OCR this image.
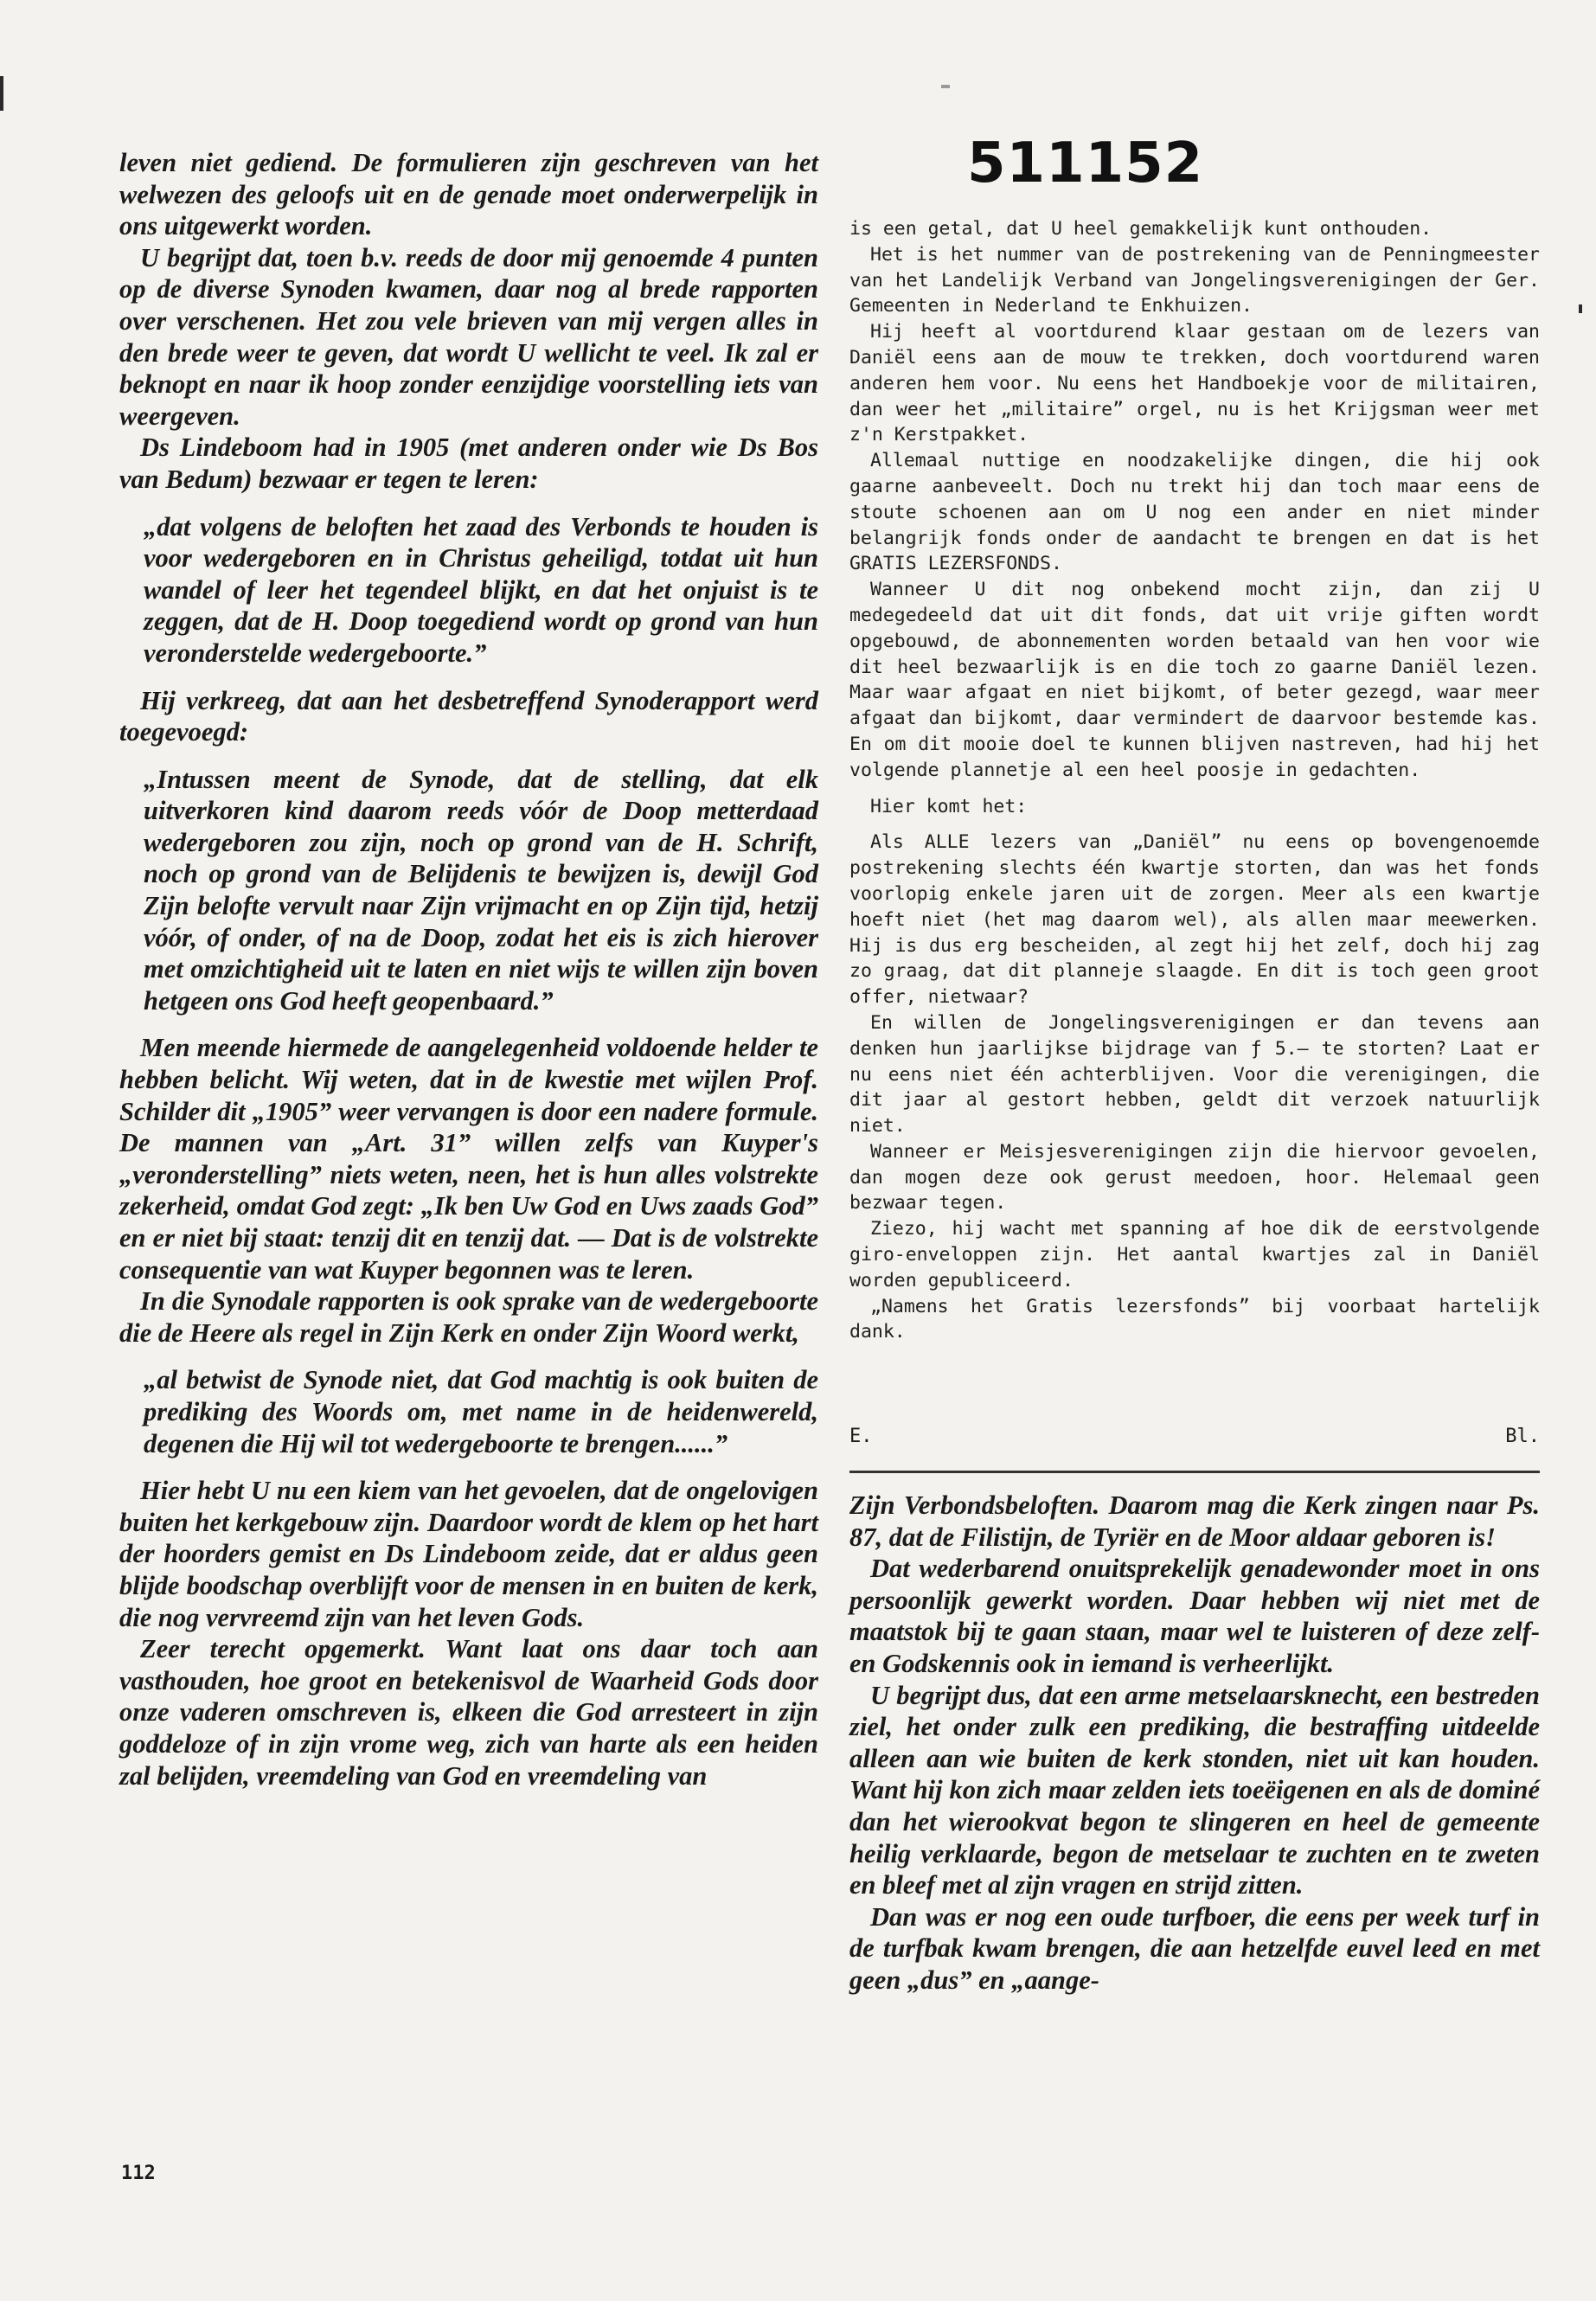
leven niet gediend. De formulieren zijn geschreven van het welwezen des geloofs uit en de genade moet onderwerpelijk in ons uitgewerkt worden.

U begrijpt dat, toen b.v. reeds de door mij genoemde 4 punten op de diverse Synoden kwamen, daar nog al brede rapporten over verschenen. Het zou vele brieven van mij vergen alles in den brede weer te geven, dat wordt U wellicht te veel. Ik zal er beknopt en naar ik hoop zonder eenzijdige voorstelling iets van weergeven.

Ds Lindeboom had in 1905 (met anderen onder wie Ds Bos van Bedum) bezwaar er tegen te leren:

„dat volgens de beloften het zaad des Verbonds te houden is voor wedergeboren en in Christus geheiligd, totdat uit hun wandel of leer het tegendeel blijkt, en dat het onjuist is te zeggen, dat de H. Doop toegediend wordt op grond van hun veronderstelde wedergeboorte.”

Hij verkreeg, dat aan het desbetreffend Synoderapport werd toegevoegd:

„Intussen meent de Synode, dat de stelling, dat elk uitverkoren kind daarom reeds vóór de Doop metterdaad wedergeboren zou zijn, noch op grond van de H. Schrift, noch op grond van de Belijdenis te bewijzen is, dewijl God Zijn belofte vervult naar Zijn vrijmacht en op Zijn tijd, hetzij vóór, of onder, of na de Doop, zodat het eis is zich hierover met omzichtigheid uit te laten en niet wijs te willen zijn boven hetgeen ons God heeft geopenbaard.”

Men meende hiermede de aangelegenheid voldoende helder te hebben belicht. Wij weten, dat in de kwestie met wijlen Prof. Schilder dit „1905” weer vervangen is door een nadere formule. De mannen van „Art. 31” willen zelfs van Kuyper's „veronderstelling” niets weten, neen, het is hun alles volstrekte zekerheid, omdat God zegt: „Ik ben Uw God en Uws zaads God” en er niet bij staat: tenzij dit en tenzij dat. — Dat is de volstrekte consequentie van wat Kuyper begonnen was te leren.

In die Synodale rapporten is ook sprake van de wedergeboorte die de Heere als regel in Zijn Kerk en onder Zijn Woord werkt,

„al betwist de Synode niet, dat God machtig is ook buiten de prediking des Woords om, met name in de heidenwereld, degenen die Hij wil tot wedergeboorte te brengen......”

Hier hebt U nu een kiem van het gevoelen, dat de ongelovigen buiten het kerkgebouw zijn. Daardoor wordt de klem op het hart der hoorders gemist en Ds Lindeboom zeide, dat er aldus geen blijde boodschap overblijft voor de mensen in en buiten de kerk, die nog vervreemd zijn van het leven Gods.

Zeer terecht opgemerkt. Want laat ons daar toch aan vasthouden, hoe groot en betekenisvol de Waarheid Gods door onze vaderen omschreven is, elkeen die God arresteert in zijn goddeloze of in zijn vrome weg, zich van harte als een heiden zal belijden, vreemdeling van God en vreemdeling van

511152

is een getal, dat U heel gemakkelijk kunt onthouden.

Het is het nummer van de postrekening van de Penningmeester van het Landelijk Verband van Jongelingsverenigingen der Ger. Gemeenten in Nederland te Enkhuizen.

Hij heeft al voortdurend klaar gestaan om de lezers van Daniël eens aan de mouw te trekken, doch voortdurend waren anderen hem voor. Nu eens het Handboekje voor de militairen, dan weer het „militaire” orgel, nu is het Krijgsman weer met z'n Kerstpakket.

Allemaal nuttige en noodzakelijke dingen, die hij ook gaarne aanbeveelt. Doch nu trekt hij dan toch maar eens de stoute schoenen aan om U nog een ander en niet minder belangrijk fonds onder de aandacht te brengen en dat is het GRATIS LEZERSFONDS.

Wanneer U dit nog onbekend mocht zijn, dan zij U medegedeeld dat uit dit fonds, dat uit vrije giften wordt opgebouwd, de abonnementen worden betaald van hen voor wie dit heel bezwaarlijk is en die toch zo gaarne Daniël lezen. Maar waar afgaat en niet bijkomt, of beter gezegd, waar meer afgaat dan bijkomt, daar vermindert de daarvoor bestemde kas. En om dit mooie doel te kunnen blijven nastreven, had hij het volgende plannetje al een heel poosje in gedachten.

Hier komt het:

Als ALLE lezers van „Daniël” nu eens op bovengenoemde postrekening slechts één kwartje storten, dan was het fonds voorlopig enkele jaren uit de zorgen. Meer als een kwartje hoeft niet (het mag daarom wel), als allen maar meewerken. Hij is dus erg bescheiden, al zegt hij het zelf, doch hij zag zo graag, dat dit planneje slaagde. En dit is toch geen groot offer, nietwaar?

En willen de Jongelingsverenigingen er dan tevens aan denken hun jaarlijkse bijdrage van ƒ 5.— te storten? Laat er nu eens niet één achterblijven. Voor die verenigingen, die dit jaar al gestort hebben, geldt dit verzoek natuurlijk niet.

Wanneer er Meisjesverenigingen zijn die hiervoor gevoelen, dan mogen deze ook gerust meedoen, hoor. Helemaal geen bezwaar tegen.

Ziezo, hij wacht met spanning af hoe dik de eerstvolgende giro-enveloppen zijn. Het aantal kwartjes zal in Daniël worden gepubliceerd.

„Namens het Gratis lezersfonds” bij voorbaat hartelijk dank.

E.	Bl.

Zijn Verbondsbeloften. Daarom mag die Kerk zingen naar Ps. 87, dat de Filistijn, de Tyriër en de Moor aldaar geboren is!

Dat wederbarend onuitsprekelijk genadewonder moet in ons persoonlijk gewerkt worden. Daar hebben wij niet met de maatstok bij te gaan staan, maar wel te luisteren of deze zelf- en Godskennis ook in iemand is verheerlijkt.

U begrijpt dus, dat een arme metselaarsknecht, een bestreden ziel, het onder zulk een prediking, die bestraffing uitdeelde alleen aan wie buiten de kerk stonden, niet uit kan houden. Want hij kon zich maar zelden iets toeëigenen en als de dominé dan het wierookvat begon te slingeren en heel de gemeente heilig verklaarde, begon de metselaar te zuchten en te zweten en bleef met al zijn vragen en strijd zitten.

Dan was er nog een oude turfboer, die eens per week turf in de turfbak kwam brengen, die aan hetzelfde euvel leed en met geen „dus” en „aange-

112
